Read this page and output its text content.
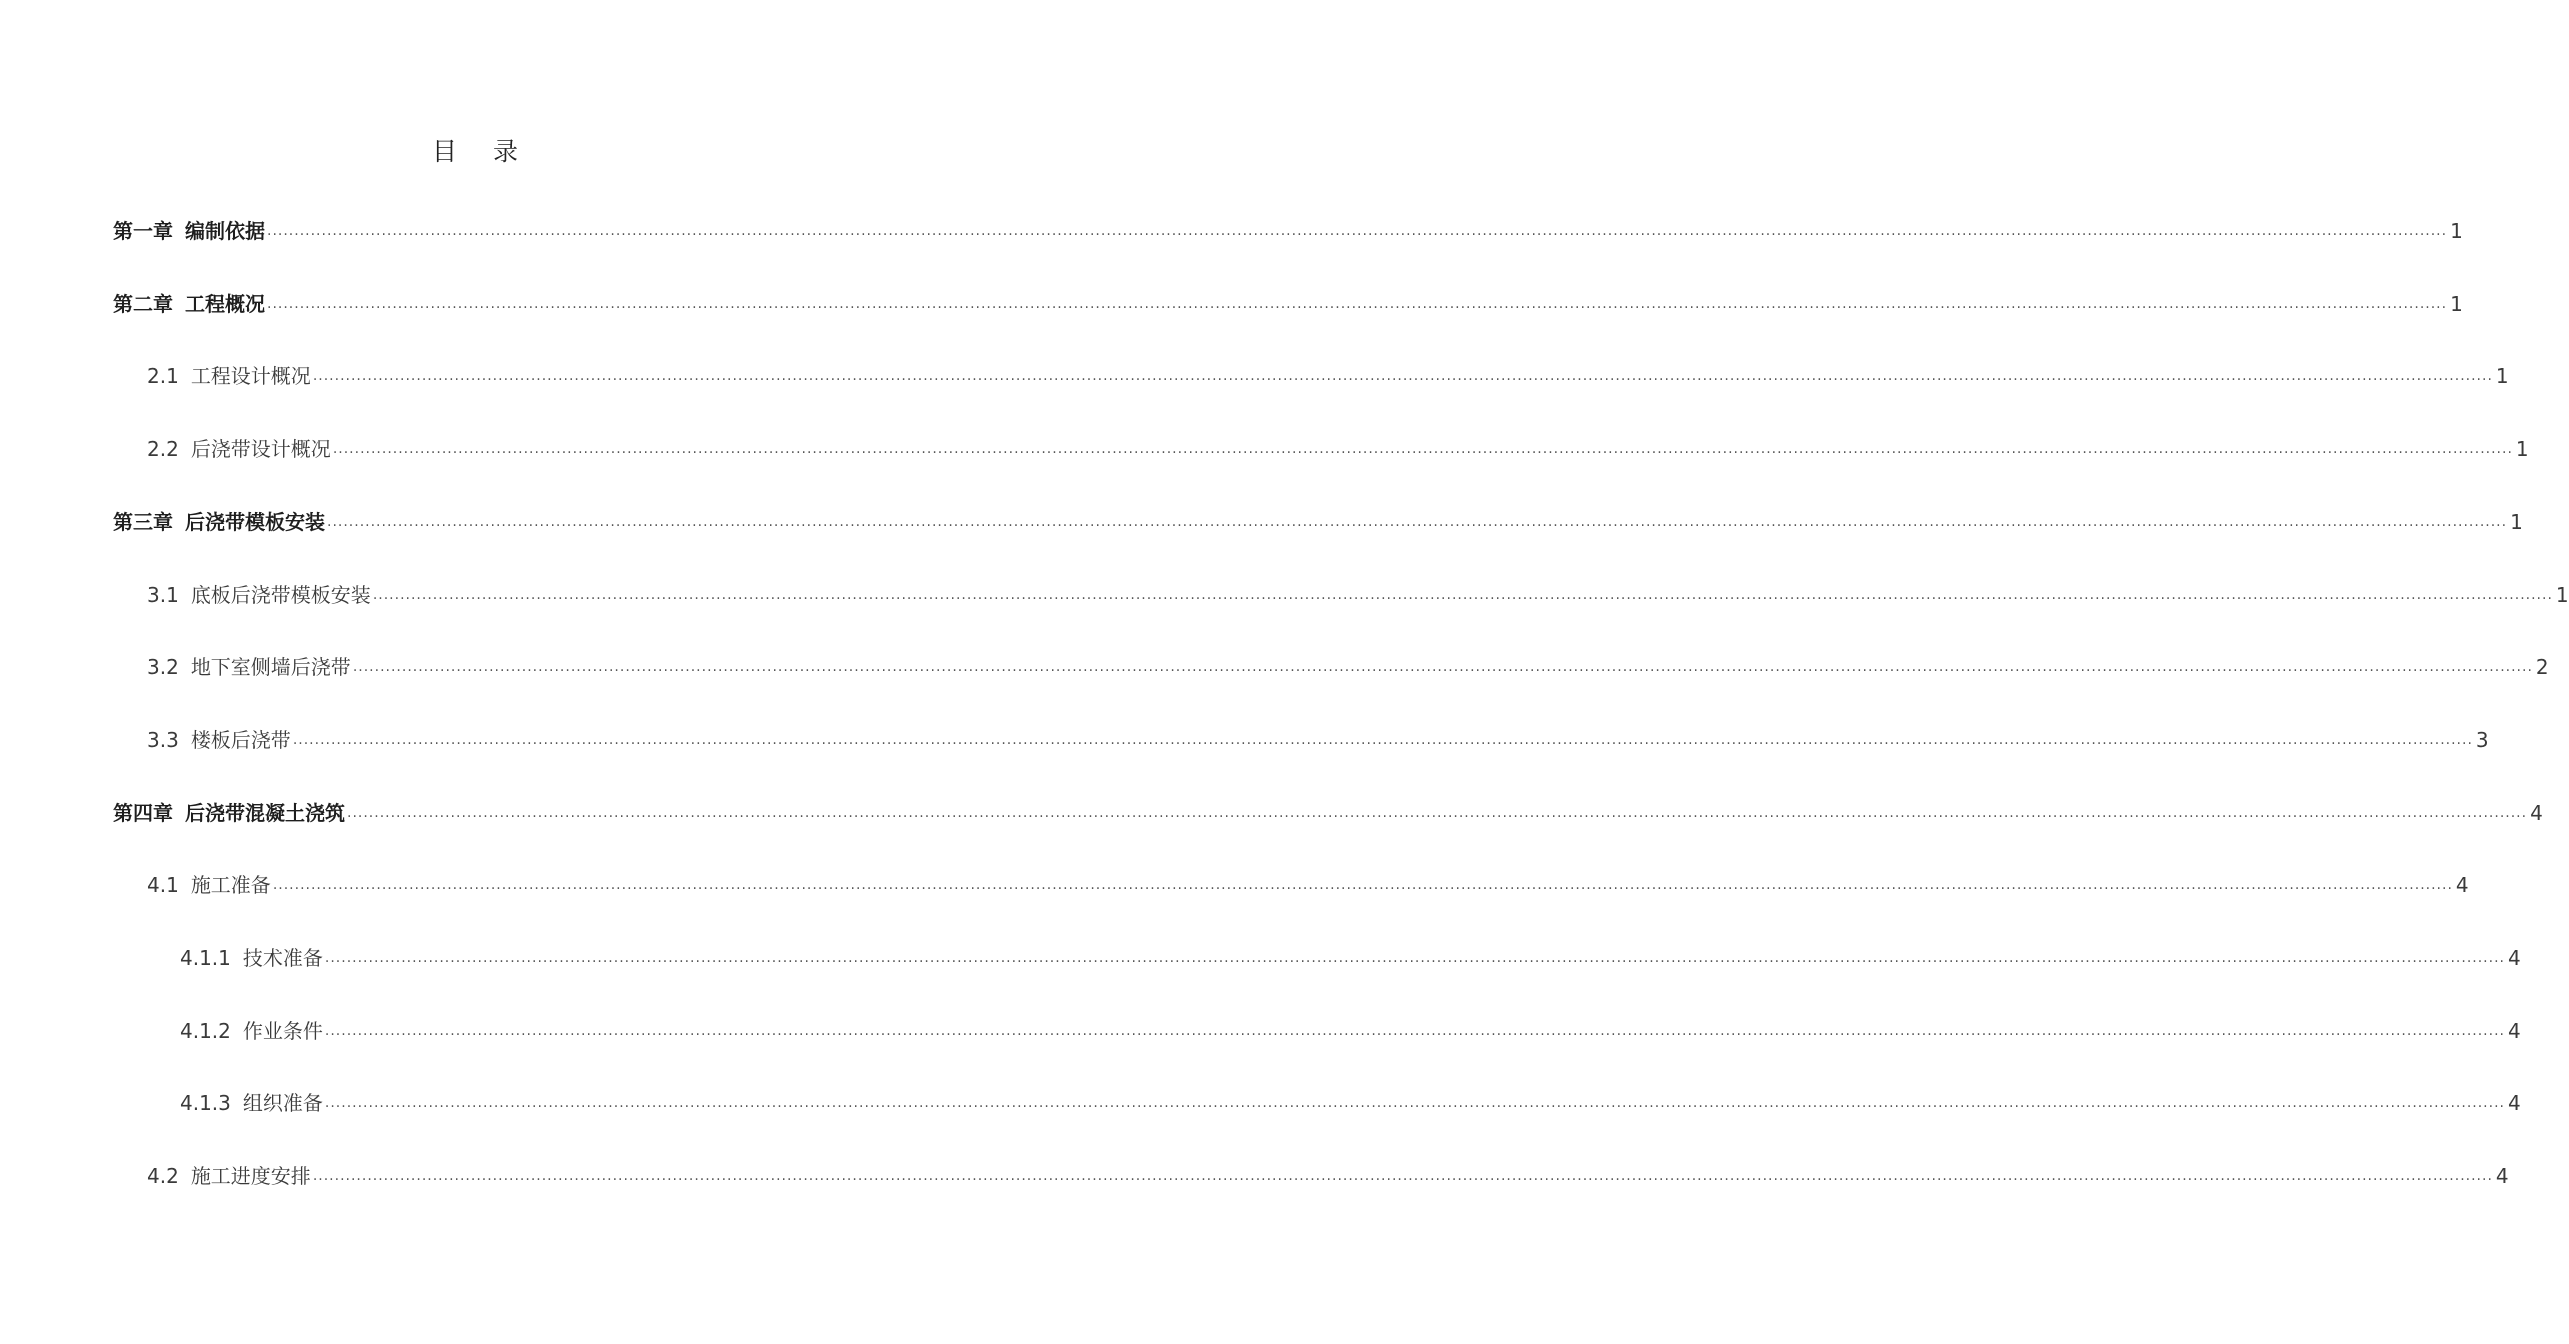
目 录
第一章 编制依据 ................................................................................................................................................................................................................................................................................................................................................................................................................ 1
第二章 工程概况 ................................................................................................................................................................................................................................................................................................................................................................................................................ 1
2.1 工程设计概况 ................................................................................................................................................................................................................................................................................................................................................................................................................ 1
2.2 后浇带设计概况 ................................................................................................................................................................................................................................................................................................................................................................................................................ 1
第三章 后浇带模板安装 ................................................................................................................................................................................................................................................................................................................................................................................................................ 1
3.1 底板后浇带模板安装 ................................................................................................................................................................................................................................................................................................................................................................................................................ 1
3.2 地下室侧墙后浇带 ................................................................................................................................................................................................................................................................................................................................................................................................................ 2
3.3 楼板后浇带 ................................................................................................................................................................................................................................................................................................................................................................................................................ 3
第四章 后浇带混凝土浇筑 ................................................................................................................................................................................................................................................................................................................................................................................................................ 4
4.1 施工准备 ................................................................................................................................................................................................................................................................................................................................................................................................................ 4
4.1.1 技术准备 ................................................................................................................................................................................................................................................................................................................................................................................................................ 4
4.1.2 作业条件 ................................................................................................................................................................................................................................................................................................................................................................................................................ 4
4.1.3 组织准备 ................................................................................................................................................................................................................................................................................................................................................................................................................ 4
4.2 施工进度安排 ................................................................................................................................................................................................................................................................................................................................................................................................................ 4
